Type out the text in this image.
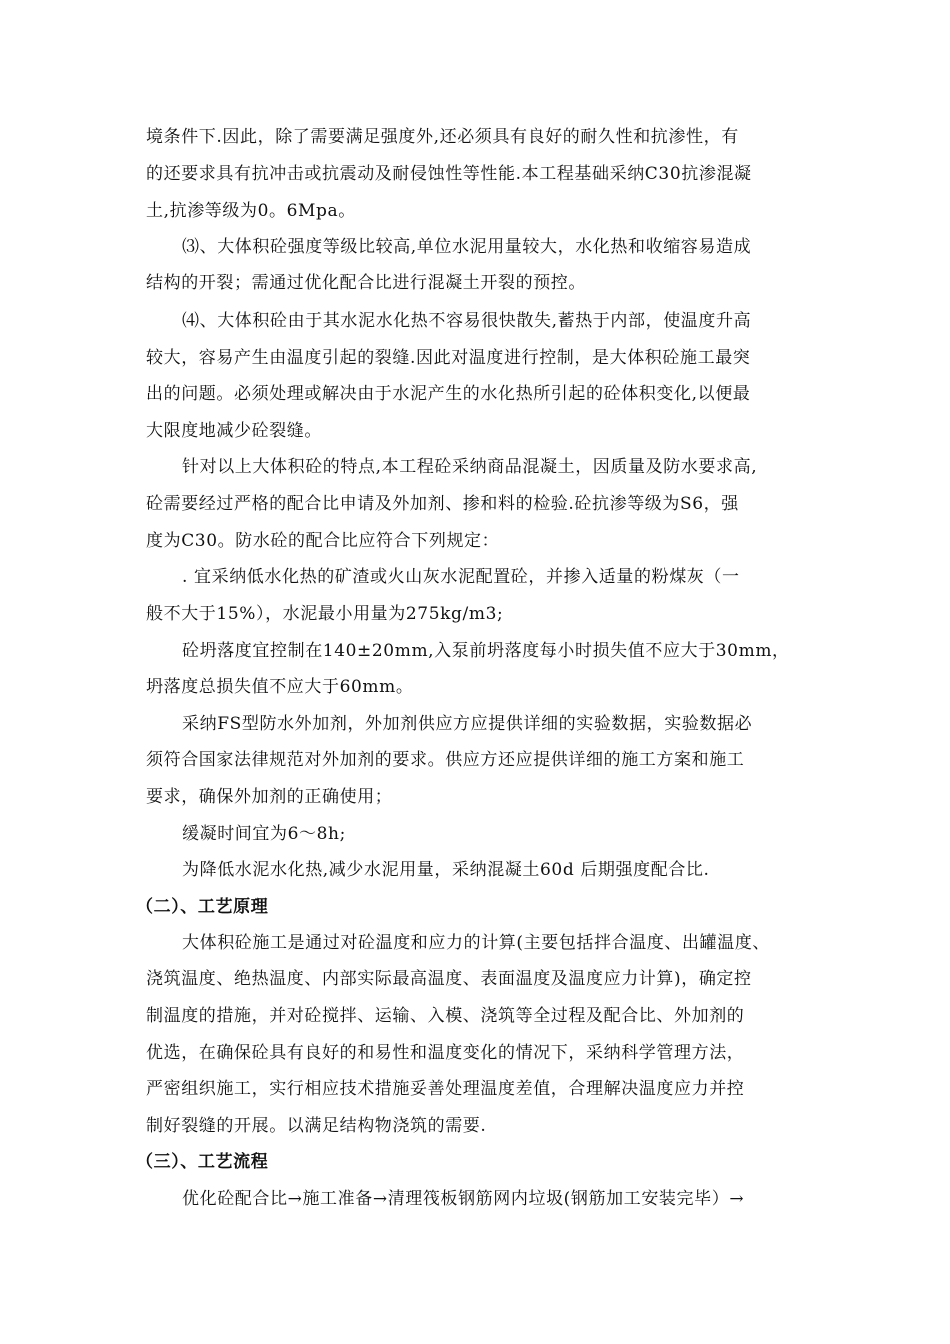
境条件下.因此，除了需要满足强度外,还必须具有良好的耐久性和抗渗性，有
的还要求具有抗冲击或抗震动及耐侵蚀性等性能.本工程基础采纳C30抗渗混凝
土,抗渗等级为0。6Mpa。
⑶、大体积砼强度等级比较高,单位水泥用量较大，水化热和收缩容易造成
结构的开裂；需通过优化配合比进行混凝土开裂的预控。
⑷、大体积砼由于其水泥水化热不容易很快散失,蓄热于内部，使温度升高
较大，容易产生由温度引起的裂缝.因此对温度进行控制，是大体积砼施工最突
出的问题。必须处理或解决由于水泥产生的水化热所引起的砼体积变化,以便最
大限度地减少砼裂缝。
针对以上大体积砼的特点,本工程砼采纳商品混凝土，因质量及防水要求高,
砼需要经过严格的配合比申请及外加剂、掺和料的检验.砼抗渗等级为S6，强
度为C30。防水砼的配合比应符合下列规定：
. 宜采纳低水化热的矿渣或火山灰水泥配置砼，并掺入适量的粉煤灰（一
般不大于15%），水泥最小用量为275kg/m3;
砼坍落度宜控制在140±20mm,入泵前坍落度每小时损失值不应大于30mm，
坍落度总损失值不应大于60mm。
采纳FS型防水外加剂，外加剂供应方应提供详细的实验数据，实验数据必
须符合国家法律规范对外加剂的要求。供应方还应提供详细的施工方案和施工
要求，确保外加剂的正确使用；
缓凝时间宜为6～8h;
为降低水泥水化热,减少水泥用量，采纳混凝土60d 后期强度配合比.
（二）、工艺原理
大体积砼施工是通过对砼温度和应力的计算(主要包括拌合温度、出罐温度、
浇筑温度、绝热温度、内部实际最高温度、表面温度及温度应力计算)，确定控
制温度的措施，并对砼搅拌、运输、入模、浇筑等全过程及配合比、外加剂的
优选，在确保砼具有良好的和易性和温度变化的情况下，采纳科学管理方法，
严密组织施工，实行相应技术措施妥善处理温度差值，合理解决温度应力并控
制好裂缝的开展。以满足结构物浇筑的需要.
（三）、工艺流程
优化砼配合比→施工准备→清理筏板钢筋网内垃圾(钢筋加工安装完毕）→
